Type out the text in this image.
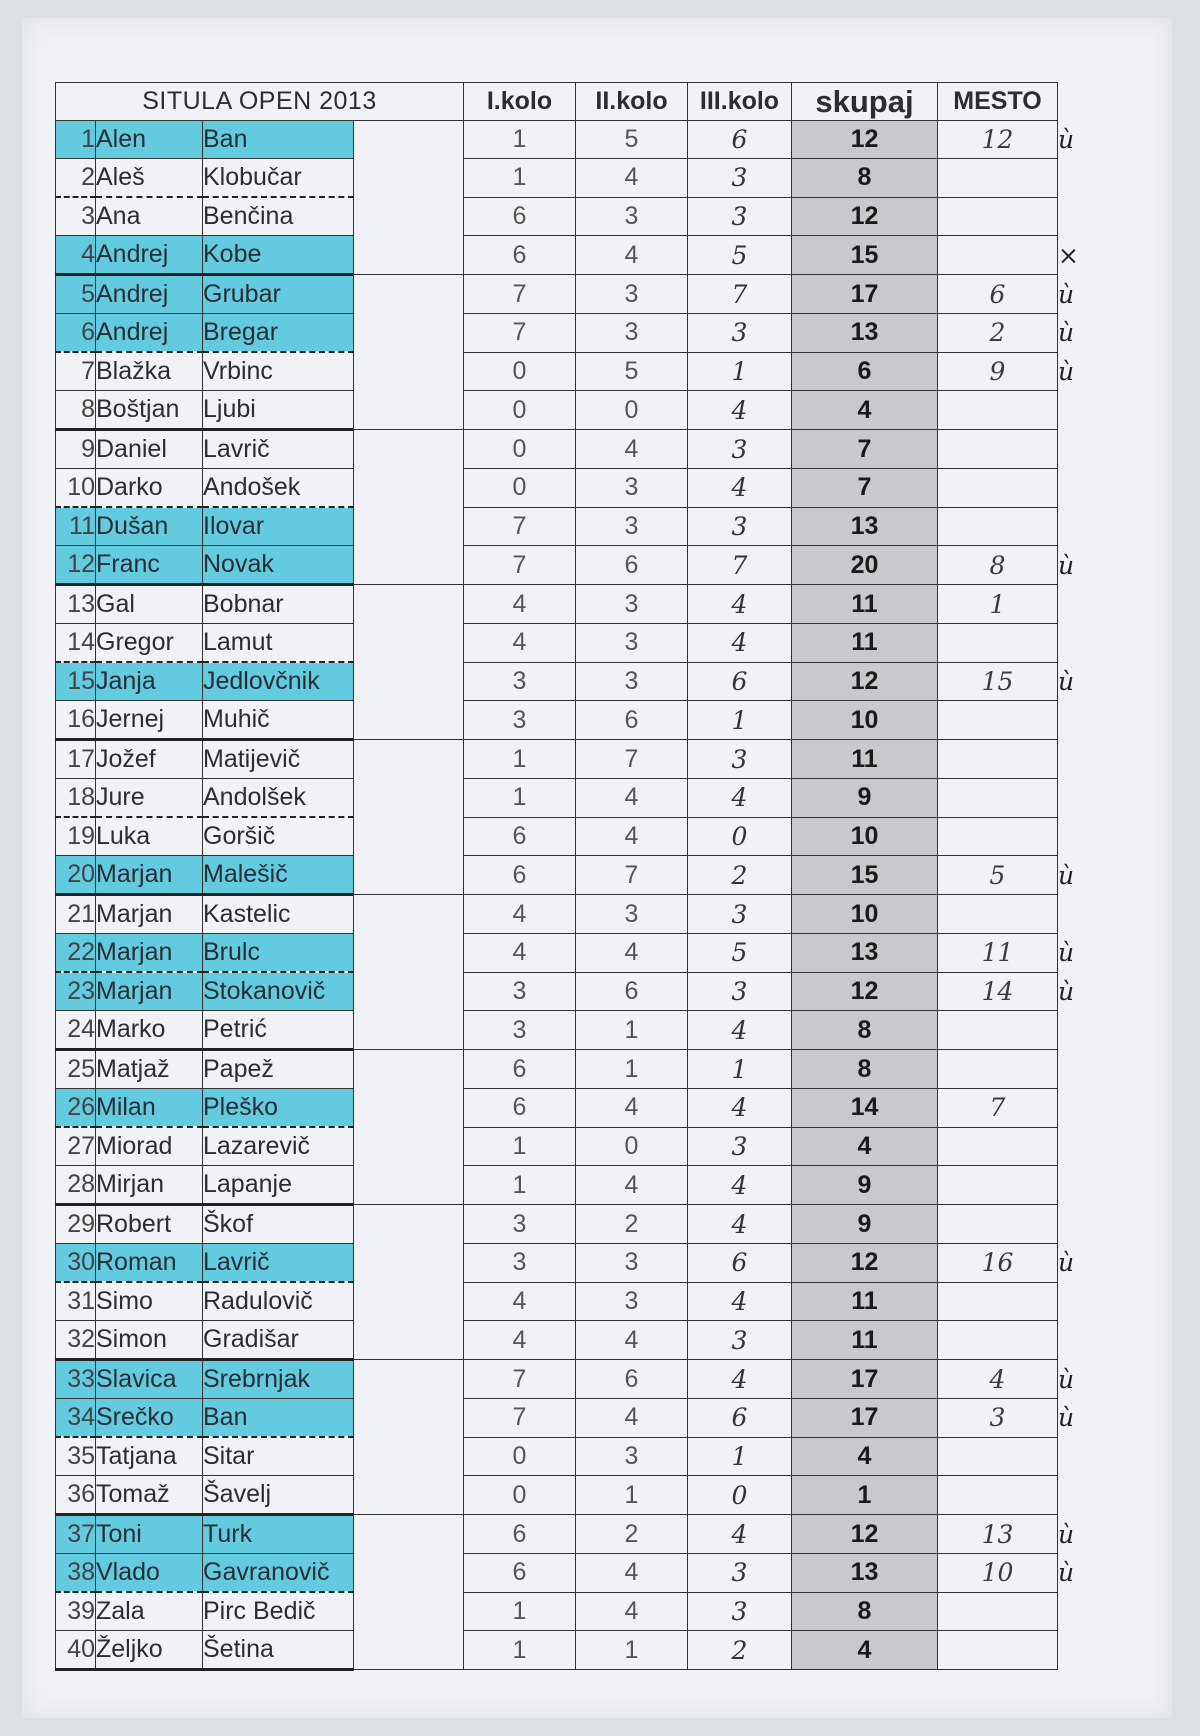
SITULA OPEN 2013				I.kolo	II.kolo	III.kolo	skupaj	MESTO	
1	Alen	Ban		1	5	6	12	12	ѝ
2	Aleš	Klobučar		1	4	3	8		
3	Ana	Benčina		6	3	3	12		
4	Andrej	Kobe		6	4	5	15		×
5	Andrej	Grubar		7	3	7	17	6	ѝ
6	Andrej	Bregar		7	3	3	13	2	ѝ
7	Blažka	Vrbinc		0	5	1	6	9	ѝ
8	Boštjan	Ljubi		0	0	4	4		
9	Daniel	Lavrič		0	4	3	7		
10	Darko	Andošek		0	3	4	7		
11	Dušan	Ilovar		7	3	3	13		
12	Franc	Novak		7	6	7	20	8	ѝ
13	Gal	Bobnar		4	3	4	11	1	
14	Gregor	Lamut		4	3	4	11		
15	Janja	Jedlovčnik		3	3	6	12	15	ѝ
16	Jernej	Muhič		3	6	1	10		
17	Jožef	Matijevič		1	7	3	11		
18	Jure	Andolšek		1	4	4	9		
19	Luka	Goršič		6	4	0	10		
20	Marjan	Malešič		6	7	2	15	5	ѝ
21	Marjan	Kastelic		4	3	3	10		
22	Marjan	Brulc		4	4	5	13	11	ѝ
23	Marjan	Stokanovič		3	6	3	12	14	ѝ
24	Marko	Petrić		3	1	4	8		
25	Matjaž	Papež		6	1	1	8		
26	Milan	Pleško		6	4	4	14	7	
27	Miorad	Lazarevič		1	0	3	4		
28	Mirjan	Lapanje		1	4	4	9		
29	Robert	Škof		3	2	4	9		
30	Roman	Lavrič		3	3	6	12	16	ѝ
31	Simo	Radulovič		4	3	4	11		
32	Simon	Gradišar		4	4	3	11		
33	Slavica	Srebrnjak		7	6	4	17	4	ѝ
34	Srečko	Ban		7	4	6	17	3	ѝ
35	Tatjana	Sitar		0	3	1	4		
36	Tomaž	Šavelj		0	1	0	1		
37	Toni	Turk		6	2	4	12	13	ѝ
38	Vlado	Gavranovič		6	4	3	13	10	ѝ
39	Zala	Pirc Bedič		1	4	3	8		
40	Željko	Šetina		1	1	2	4		
